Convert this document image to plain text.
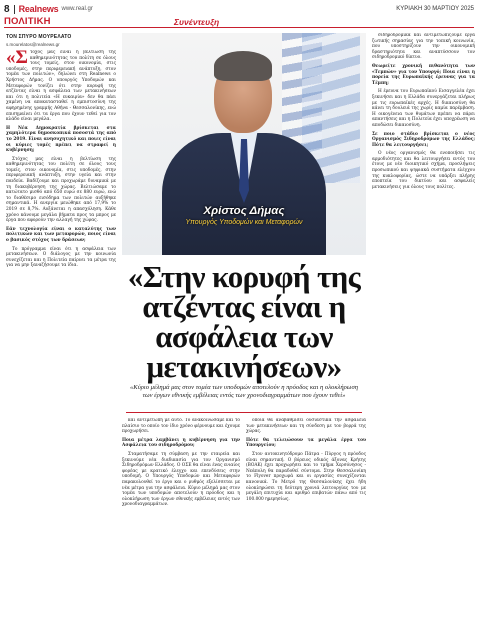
8 Realnews www.real.gr	ΚΥΡΙΑΚΗ 30 ΜΑΡΤΙΟΥ 2025
ΠΟΛΙΤΙΚΗ	Συνέντευξη
ΤΟΝ ΣΠΥΡΟ ΜΟΥΡΕΛΑΤΟ
s.mourelatos@realnews.gr

«Στόχος μας είναι η βελτίωση της καθημερινότητας του πολίτη σε όλους τους τομείς, στον οικονομία, στις υποδομές, στην περιφερειακή ανάπτυξη, στον τομέα των πολιτών», δηλώνει στη Realnews ο Χρήστος Δήμας. Ο υπουργός Υποδομών και Μεταφορών τονίζει ότι στην κορυφή της ατζέντας είναι η ασφάλεια των μετακινήσεων και ότι η πολιτεία «Η ευκαιρία» δεν θα πάει χαμένη να αποκατασταθεί η εμπιστοσύνη της αφηρημένης γραμμής Αθήνα - Θεσσαλονίκης, ενώ επισημαίνει ότι τα έργα που έχουν τεθεί για τον κλάδο είναι μεγάλα.

Η Νέα Δημοκρατία βρίσκεται στα χαμηλότερα δημοσκοπικά ποσοστά της από το 2019. Είναι ανησυχητικό και ποιες είναι οι κύριες τομές πρέπει να στραφεί η κυβέρνηση;

Στόχος μας είναι η βελτίωση της καθημερινότητας του πολίτη σε όλους τους τομείς, στον οικονομία, στις υποδομές, στην περιφερειακή ανάπτυξη, στην υγεία και στην παιδεία. Βαδίζουμε και προχωράμε δυναμικά με τη διακυβέρνηση της χώρας. Βελτιώσαμε το κατώτατο μισθό από 650 ευρώ σε 880 ευρώ, ενώ το διαθέσιμο εισόδημα των πολιτών αυξήθηκε σημαντικά. Η ανεργία μειώθηκε από 17,9% το 2019 σε 8,7%. Αυξάνεται η απασχόληση. Κάθε χρόνο κάνουμε μεγάλα βήματα προς τα μπρος με έργα που αφορούν την αλλαγή της χώρας.

Εάν τεχνολογία είναι ο καταλύτης των πολιτικών και των μεταφορών, ποιος είναι ο βασικός στόχος των δράσεων;

Το πρόγραμμα είναι ότι η ασφάλεια των μετακινήσεων. Ο διάλογος με την κοινωνία συνεχίζεται και η Πολιτεία παίρνει τα μέτρα της για να μην ξαναζήσουμε τα ίδια.

Χρίστος Δήμας
Υπουργός Υποδομών και Μεταφορών
«Στην κορυφή της ατζέντας είναι η ασφάλεια των μετακινήσεων»
«Κύριο μέλημά μας στον τομέα των υποδομών αποτελούν η πρόοδος και η ολοκλήρωση των έργων εθνικής εμβέλειας εντός των χρονοδιαγραμμάτων που έχουν τεθεί»

και αντιμέτωπη με αυτό. Το ανακοινώσαμε και το πλαίσιο το οποίο τον ίδιο χρόνο φέρνουμε και έχουμε προχωρήσει.

Ποια μέτρα λαμβάνει η κυβέρνηση για την Ασφάλεια του σιδηροδρόμου;

Σταματήσαμε τη σύμβαση με την εταιρεία και ξεκινούμε νέα διαδικασία για τον Οργανισμό Σιδηροδρόμων Ελλάδος. Ο ΟΣΕ θα είναι ένας ενιαίος φορέας με κρατικό έλεγχο και επενδύσεις στην υποδομή. Ο Υπουργός Υποδομών και Μεταφορών παρακολουθεί το έργο και ο ρυθμός εξελίσσεται με νέα μέτρα για την ασφάλεια. Κύριο μέλημά μας στον τομέα των υποδομών αποτελούν η πρόοδος και η ολοκλήρωση των έργων εθνικής εμβέλειας εντός των χρονοδιαγραμμάτων.

οποία θα αναβαθμίσει ουσιαστικά την ασφάλεια των μετακινήσεων και τη σύνδεση με τον βορρά της χώρας.

Πότε θα τελειώσουν τα μεγάλα έργα του Υπουργείου;

Στον αυτοκινητόδρομο Πάτρα - Πύργος η πρόοδος είναι σημαντική. Ο βόρειος οδικός άξονας Κρήτης (ΒΟΑΚ) έχει προχωρήσει και το τμήμα Χερσόνησος - Νεάπολη θα παραδοθεί σύντομα. Στην Θεσσαλονίκη το Flyover προχωρά και οι εργασίες συνεχίζονται κανονικά. Το Μετρό της Θεσσαλονίκης έχει ήδη ολοκληρώσει τη δεύτερη χρονιά λειτουργίας του με μεγάλη επιτυχία και αριθμό επιβατών πάνω από τις 100.000 ημερησίως.

σιδηροδρομικά και αντιμετωπίζουμε έργα ζωτικής σημασίας για την τοπική κοινωνία, που υποστηρίζουν την οικονομική δραστηριότητα και αναπτύσσουν τον σιδηροδρομικό δίκτυο.

Θεωρείτε χρονική πιθανότητα των «Τεμπών» για τον Υπουργό; Ποια είναι η πορεία της Ευρωπαϊκής έρευνας για τα Τέμπη;

Η έρευνα του Ευρωπαϊκού Εισαγγελέα έχει ξεκινήσει και η Ελλάδα συνεργάζεται πλήρως με τις ευρωπαϊκές αρχές. Η δικαιοσύνη θα κάνει τη δουλειά της χωρίς καμία παρέμβαση. Η οικογένεια των θυμάτων πρέπει να πάρει απαντήσεις και η Πολιτεία έχει υποχρέωση να αποδώσει δικαιοσύνη.

Σε ποιο στάδιο βρίσκεται ο νέος Οργανισμός Σιδηροδρόμων της Ελλάδος; Πότε θα λειτουργήσει;

Ο νέος οργανισμός θα ενοποιήσει τις αρμοδιότητες και θα λειτουργήσει εντός του έτους με νέο διοικητικό σχήμα, προσλήψεις προσωπικού και ψηφιακά συστήματα ελέγχου της κυκλοφορίας, ώστε να υπάρξει πλήρης εποπτεία του δικτύου και ασφαλείς μετακινήσεις για όλους τους πολίτες.
